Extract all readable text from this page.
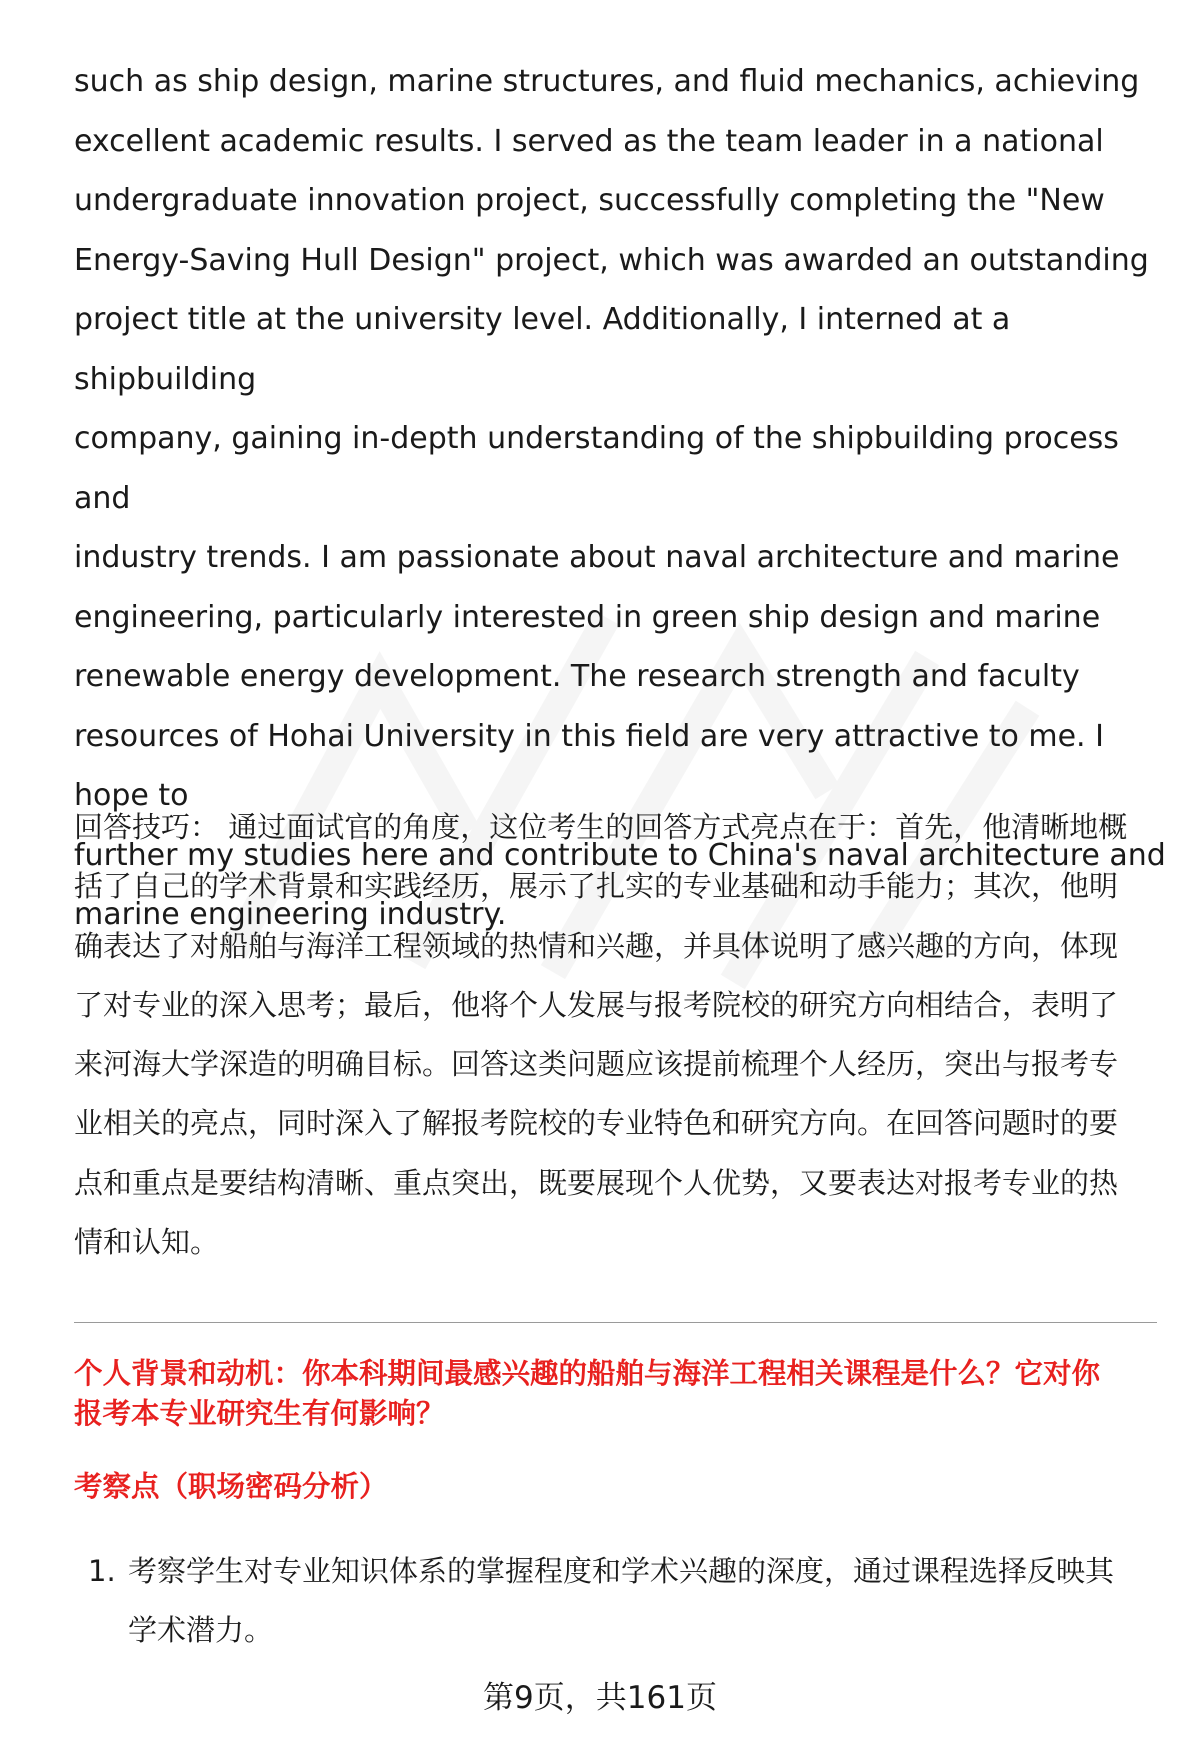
such as ship design, marine structures, and fluid mechanics, achieving
excellent academic results. I served as the team leader in a national
undergraduate innovation project, successfully completing the "New
Energy-Saving Hull Design" project, which was awarded an outstanding
project title at the university level. Additionally, I interned at a shipbuilding
company, gaining in-depth understanding of the shipbuilding process and
industry trends. I am passionate about naval architecture and marine
engineering, particularly interested in green ship design and marine
renewable energy development. The research strength and faculty
resources of Hohai University in this field are very attractive to me. I hope to
further my studies here and contribute to China's naval architecture and
marine engineering industry.

回答技巧： 通过面试官的角度，这位考生的回答方式亮点在于：首先，他清晰地概
括了自己的学术背景和实践经历，展示了扎实的专业基础和动手能力；其次，他明
确表达了对船舶与海洋工程领域的热情和兴趣，并具体说明了感兴趣的方向，体现
了对专业的深入思考；最后，他将个人发展与报考院校的研究方向相结合，表明了
来河海大学深造的明确目标。回答这类问题应该提前梳理个人经历，突出与报考专
业相关的亮点，同时深入了解报考院校的专业特色和研究方向。在回答问题时的要
点和重点是要结构清晰、重点突出，既要展现个人优势，又要表达对报考专业的热
情和认知。

个人背景和动机：你本科期间最感兴趣的船舶与海洋工程相关课程是什么？它对你
报考本专业研究生有何影响？

考察点（职场密码分析）

1. 考察学生对专业知识体系的掌握程度和学术兴趣的深度，通过课程选择反映其
学术潜力。
第9页，共161页
